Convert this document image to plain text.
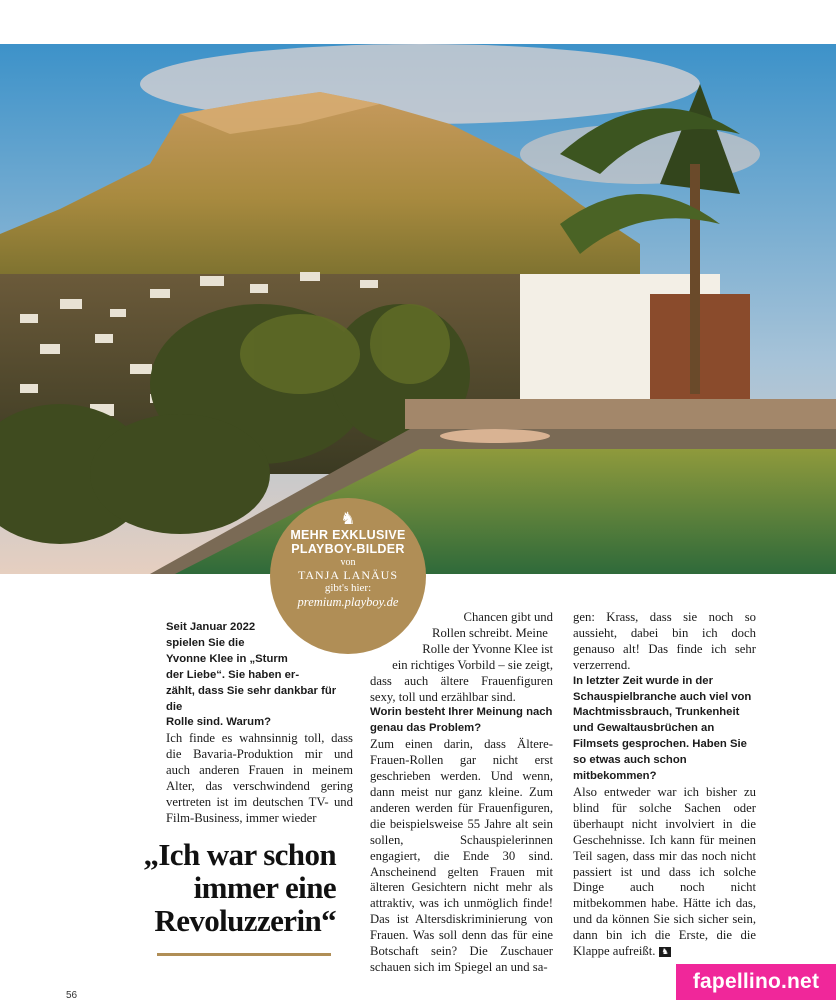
♞
MEHR EXKLUSIVE
PLAYBOY-BILDER
von
TANJA LANÄUS
gibt's hier:
premium.playboy.de

Seit Januar 2022

spielen Sie die

Yvonne Klee in „Sturm

der Liebe“. Sie haben er-

zählt, dass Sie sehr dankbar für die

Rolle sind. Warum?

Ich finde es wahnsinnig toll, dass die Bavaria-Produktion mir und auch anderen Frauen in meinem Alter, das verschwindend gering vertreten ist im deutschen TV- und Film-Business, immer wieder

Chancen gibt und

Rollen schreibt. Meine

Rolle der Yvonne Klee ist

ein richtiges Vorbild – sie zeigt,

dass auch ältere Frauenfiguren sexy, toll und erzählbar sind.

Worin besteht Ihrer Meinung nach genau das Problem?

Zum einen darin, dass Ältere-Frauen-Rollen gar nicht erst geschrieben werden. Und wenn, dann meist nur ganz kleine. Zum anderen werden für Frauenfiguren, die beispielsweise 55 Jahre alt sein sollen, Schauspielerinnen engagiert, die Ende 30 sind. Anscheinend gelten Frauen mit älteren Gesichtern nicht mehr als attraktiv, was ich unmöglich finde! Das ist Altersdiskriminierung von Frauen. Was soll denn das für eine Botschaft sein? Die Zuschauer schauen sich im Spiegel an und sa-

gen: Krass, dass sie noch so aussieht, dabei bin ich doch genauso alt! Das finde ich sehr verzerrend.

In letzter Zeit wurde in der Schauspielbranche auch viel von Machtmissbrauch, Trunkenheit und Gewaltausbrüchen an Filmsets gesprochen. Haben Sie so etwas auch schon mitbekommen?

Also entweder war ich bisher zu blind für solche Sachen oder überhaupt nicht involviert in die Geschehnisse. Ich kann für meinen Teil sagen, dass mir das noch nicht passiert ist und dass ich solche Dinge auch noch nicht mitbekommen habe. Hätte ich das, und da können Sie sich sicher sein, dann bin ich die Erste, die die Klappe aufreißt. ♞

„Ich war schon
immer eine
Revoluzzerin“
56
fapellino.net
